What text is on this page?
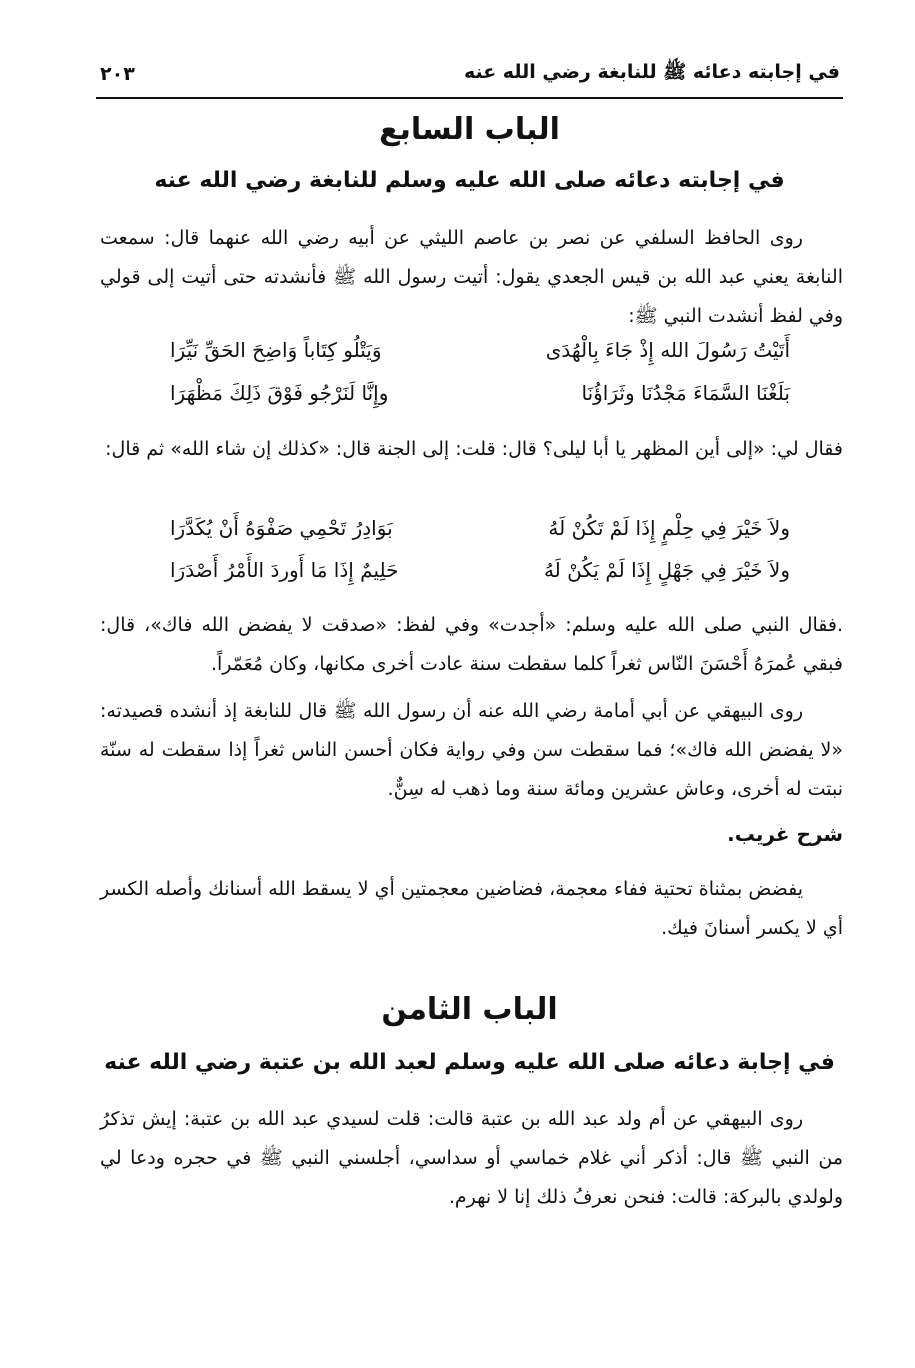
٢٠٣	في إجابته دعائه ﷺ للنابغة رضي الله عنه
الباب السابع
في إجابته دعائه صلى الله عليه وسلم للنابغة رضي الله عنه
روى الحافظ السلفي عن نصر بن عاصم الليثي عن أبيه رضي الله عنهما قال: سمعت النابغة يعني عبد الله بن قيس الجعدي يقول: أتيت رسول الله ﷺ فأنشدته حتى أتيت إلى قولي وفي لفظ أنشدت النبي ﷺ:
أَتَيْتُ رَسُولَ الله إِذْ جَاءَ بِالْهُدَى
وَيَتْلُو كِتَاباً وَاضِحَ الحَقِّ نَيِّرَا
بَلَغْنَا السَّمَاءَ مَجْدُنَا وثَرَاؤُنَا
وإِنَّا لَنَرْجُو فَوْقَ ذَلِكَ مَظْهَرَا
فقال لي: «إلى أين المظهر يا أبا ليلى؟ قال: قلت: إلى الجنة قال: «كذلك إن شاء الله» ثم قال:
ولاَ خَيْرَ فِي حِلْمٍ إِذَا لَمْ تَكُنْ لَهُ
بَوَادِرُ تَحْمِي صَفْوَهُ أَنْ يُكَدَّرَا
ولاَ خَيْرَ فِي جَهْلٍ إِذَا لَمْ يَكُنْ لَهُ
حَلِيمٌ إِذَا مَا أَوردَ الأَمْرُ أَصْدَرَا
.فقال النبي صلى الله عليه وسلم: «أجدت» وفي لفظ: «صدقت لا يفضض الله فاك»، قال: فبقي عُمرَهُ أَحْسَنَ النّاس ثغراً كلما سقطت سنة عادت أخرى مكانها، وكان مُعَمّراً.
روى البيهقي عن أبي أمامة رضي الله عنه أن رسول الله ﷺ قال للنابغة إذ أنشده قصيدته: «لا يفضض الله فاك»؛ فما سقطت سن وفي رواية فكان أحسن الناس ثغراً إذا سقطت له سنّة نبتت له أخرى، وعاش عشرين ومائة سنة وما ذهب له سِنٌّ.
شرح غريب.
يفضض بمثناة تحتية ففاء معجمة، فضاضين معجمتين أي لا يسقط الله أسنانك وأصله الكسر أي لا يكسر أسنانَ فيك.
الباب الثامن
في إجابة دعائه صلى الله عليه وسلم لعبد الله بن عتبة رضي الله عنه
روى البيهقي عن أم ولد عبد الله بن عتبة قالت: قلت لسيدي عبد الله بن عتبة: إيش تذكرُ من النبي ﷺ قال: أذكر أني غلام خماسي أو سداسي، أجلسني النبي ﷺ في حجره ودعا لي ولولدي بالبركة: قالت: فنحن نعرفُ ذلك إنا لا نهرم.
